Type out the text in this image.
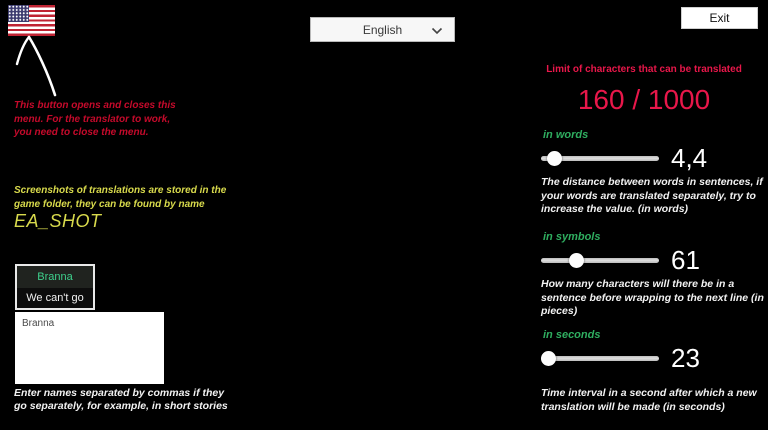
English
Exit
This button opens and closes this menu. For the translator to work, you need to close the menu.
Screenshots of translations are stored in the game folder, they can be found by name
EA_SHOT
Branna
We can't go
Branna
Enter names separated by commas if they go separately, for example, in short stories
Limit of characters that can be translated
160 / 1000
in words
4,4
The distance between words in sentences, if your words are translated separately, try to increase the value. (in words)
in symbols
61
How many characters will there be in a sentence before wrapping to the next line (in pieces)
in seconds
23
Time interval in a second after which a new translation will be made (in seconds)
